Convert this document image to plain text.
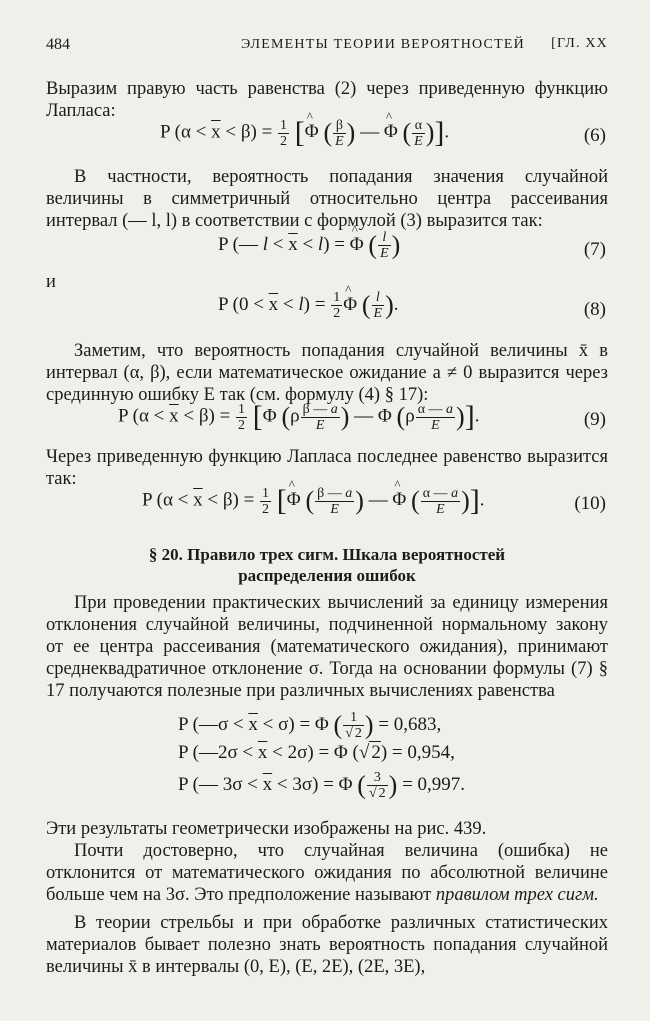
484	ЭЛЕМЕНТЫ ТЕОРИИ ВЕРОЯТНОСТЕЙ [ГЛ. XX
Выразим правую часть равенства (2) через приведенную функцию Лапласа:
P $(\alpha < \overline{x} < \beta) = \frac{1}{2}$ [^ Φ ( $\frac{\beta}{E}$ ) — ^ Φ ( $\frac{\alpha}{E}$ )].	(6)
В частности, вероятность попадания значения случайной величины в симметричный относительно центра рассеивания интервал (— l, l) в соответствии с формулой (3) выразится так:
P (— $l < \overline{x} < l$) = ^ Φ ( $\frac{l}{E}$ )	(7)
и
P $(0 < \overline{x} < l) = \frac{1}{2}$ ^ Φ ( $\frac{l}{E}$ ).	(8)
Заметим, что вероятность попадания случайной величины x̄ в интервал (α, β), если математическое ожидание a ≠ 0 выразится через срединную ошибку E так (см. формулу (4) § 17):
P $(\alpha < \overline{x} < \beta) = \frac{1}{2} [\Phi$ ($\rho \frac{\beta — a}{E}$ ) — Φ ($\rho \frac{\alpha — a}{E}$ )].	(9)
Через приведенную функцию Лапласа последнее равенство выразится так:
P $(\alpha < \overline{x} < \beta) = \frac{1}{2}$ [^ Φ ( $\frac{\beta — a}{E}$ ) — ^ Φ ( $\frac{\alpha — a}{E}$ )].	(10)
§ 20. Правило трех сигм. Шкала вероятностей
распределения ошибок
При проведении практических вычислений за единицу измерения отклонения случайной величины, подчиненной нормальному закону от ее центра рассеивания (математического ожидания), принимают среднеквадратичное отклонение σ. Тогда на основании формулы (7) § 17 получаются полезные при различных вычислениях равенства
P (—σ < $\overline{x} < \sigma) = \Phi$ ( $\frac{1}{√ 2}$ ) = 0,683,
P (—2σ < $\overline{x} < 2\sigma) = \Phi$ (√ 2) = 0,954,
P (— $3\sigma < \overline{x} < 3\sigma) = \Phi$ ( $\frac{3}{√ 2}$ ) = 0,997.
Эти результаты геометрически изображены на рис. 439.
Почти достоверно, что случайная величина (ошибка) не отклонится от математического ожидания по абсолютной величине больше чем на 3σ. Это предположение называют правилом трех сигм.
В теории стрельбы и при обработке различных статистических материалов бывает полезно знать вероятность попадания случайной величины x̄ в интервалы (0, E), (E, 2E), (2E, 3E),
